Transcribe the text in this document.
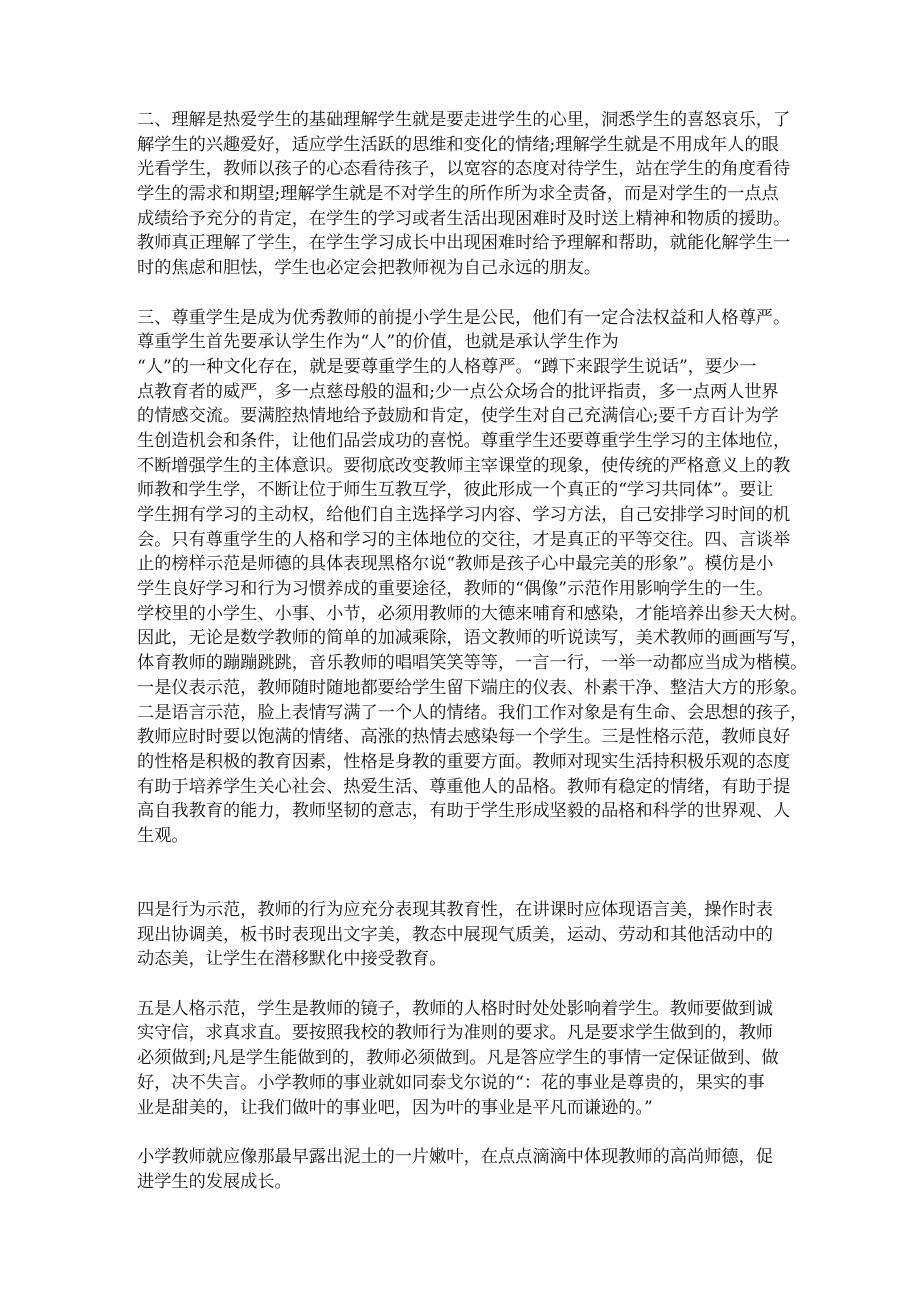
二、理解是热爱学生的基础理解学生就是要走进学生的心里，洞悉学生的喜怒哀乐，了
解学生的兴趣爱好，适应学生活跃的思维和变化的情绪;理解学生就是不用成年人的眼
光看学生，教师以孩子的心态看待孩子，以宽容的态度对待学生，站在学生的角度看待
学生的需求和期望;理解学生就是不对学生的所作所为求全责备，而是对学生的一点点
成绩给予充分的肯定，在学生的学习或者生活出现困难时及时送上精神和物质的援助。
教师真正理解了学生，在学生学习成长中出现困难时给予理解和帮助，就能化解学生一
时的焦虑和胆怯，学生也必定会把教师视为自己永远的朋友。
三、尊重学生是成为优秀教师的前提小学生是公民，他们有一定合法权益和人格尊严。
尊重学生首先要承认学生作为“人”的价值，也就是承认学生作为
“人”的一种文化存在，就是要尊重学生的人格尊严。“蹲下来跟学生说话”，要少一
点教育者的威严，多一点慈母般的温和;少一点公众场合的批评指责，多一点两人世界
的情感交流。要满腔热情地给予鼓励和肯定，使学生对自己充满信心;要千方百计为学
生创造机会和条件，让他们品尝成功的喜悦。尊重学生还要尊重学生学习的主体地位，
不断增强学生的主体意识。要彻底改变教师主宰课堂的现象，使传统的严格意义上的教
师教和学生学，不断让位于师生互教互学，彼此形成一个真正的“学习共同体”。要让
学生拥有学习的主动权，给他们自主选择学习内容、学习方法，自己安排学习时间的机
会。只有尊重学生的人格和学习的主体地位的交往，才是真正的平等交往。四、言谈举
止的榜样示范是师德的具体表现黑格尔说“教师是孩子心中最完美的形象”。模仿是小
学生良好学习和行为习惯养成的重要途径，教师的“偶像”示范作用影响学生的一生。
学校里的小学生、小事、小节，必须用教师的大德来哺育和感染，才能培养出参天大树。
因此，无论是数学教师的简单的加减乘除，语文教师的听说读写，美术教师的画画写写，
体育教师的蹦蹦跳跳，音乐教师的唱唱笑笑等等，一言一行，一举一动都应当成为楷模。
一是仪表示范，教师随时随地都要给学生留下端庄的仪表、朴素干净、整洁大方的形象。
二是语言示范，脸上表情写满了一个人的情绪。我们工作对象是有生命、会思想的孩子，
教师应时时要以饱满的情绪、高涨的热情去感染每一个学生。三是性格示范，教师良好
的性格是积极的教育因素，性格是身教的重要方面。教师对现实生活持积极乐观的态度
有助于培养学生关心社会、热爱生活、尊重他人的品格。教师有稳定的情绪，有助于提
高自我教育的能力，教师坚韧的意志，有助于学生形成坚毅的品格和科学的世界观、人
生观。
四是行为示范，教师的行为应充分表现其教育性，在讲课时应体现语言美，操作时表
现出协调美，板书时表现出文字美，教态中展现气质美，运动、劳动和其他活动中的
动态美，让学生在潜移默化中接受教育。
五是人格示范，学生是教师的镜子，教师的人格时时处处影响着学生。教师要做到诚
实守信，求真求直。要按照我校的教师行为准则的要求。凡是要求学生做到的，教师
必须做到;凡是学生能做到的，教师必须做到。凡是答应学生的事情一定保证做到、做
好，决不失言。小学教师的事业就如同泰戈尔说的“：花的事业是尊贵的，果实的事
业是甜美的，让我们做叶的事业吧，因为叶的事业是平凡而谦逊的。”
小学教师就应像那最早露出泥土的一片嫩叶，在点点滴滴中体现教师的高尚师德，促
进学生的发展成长。
